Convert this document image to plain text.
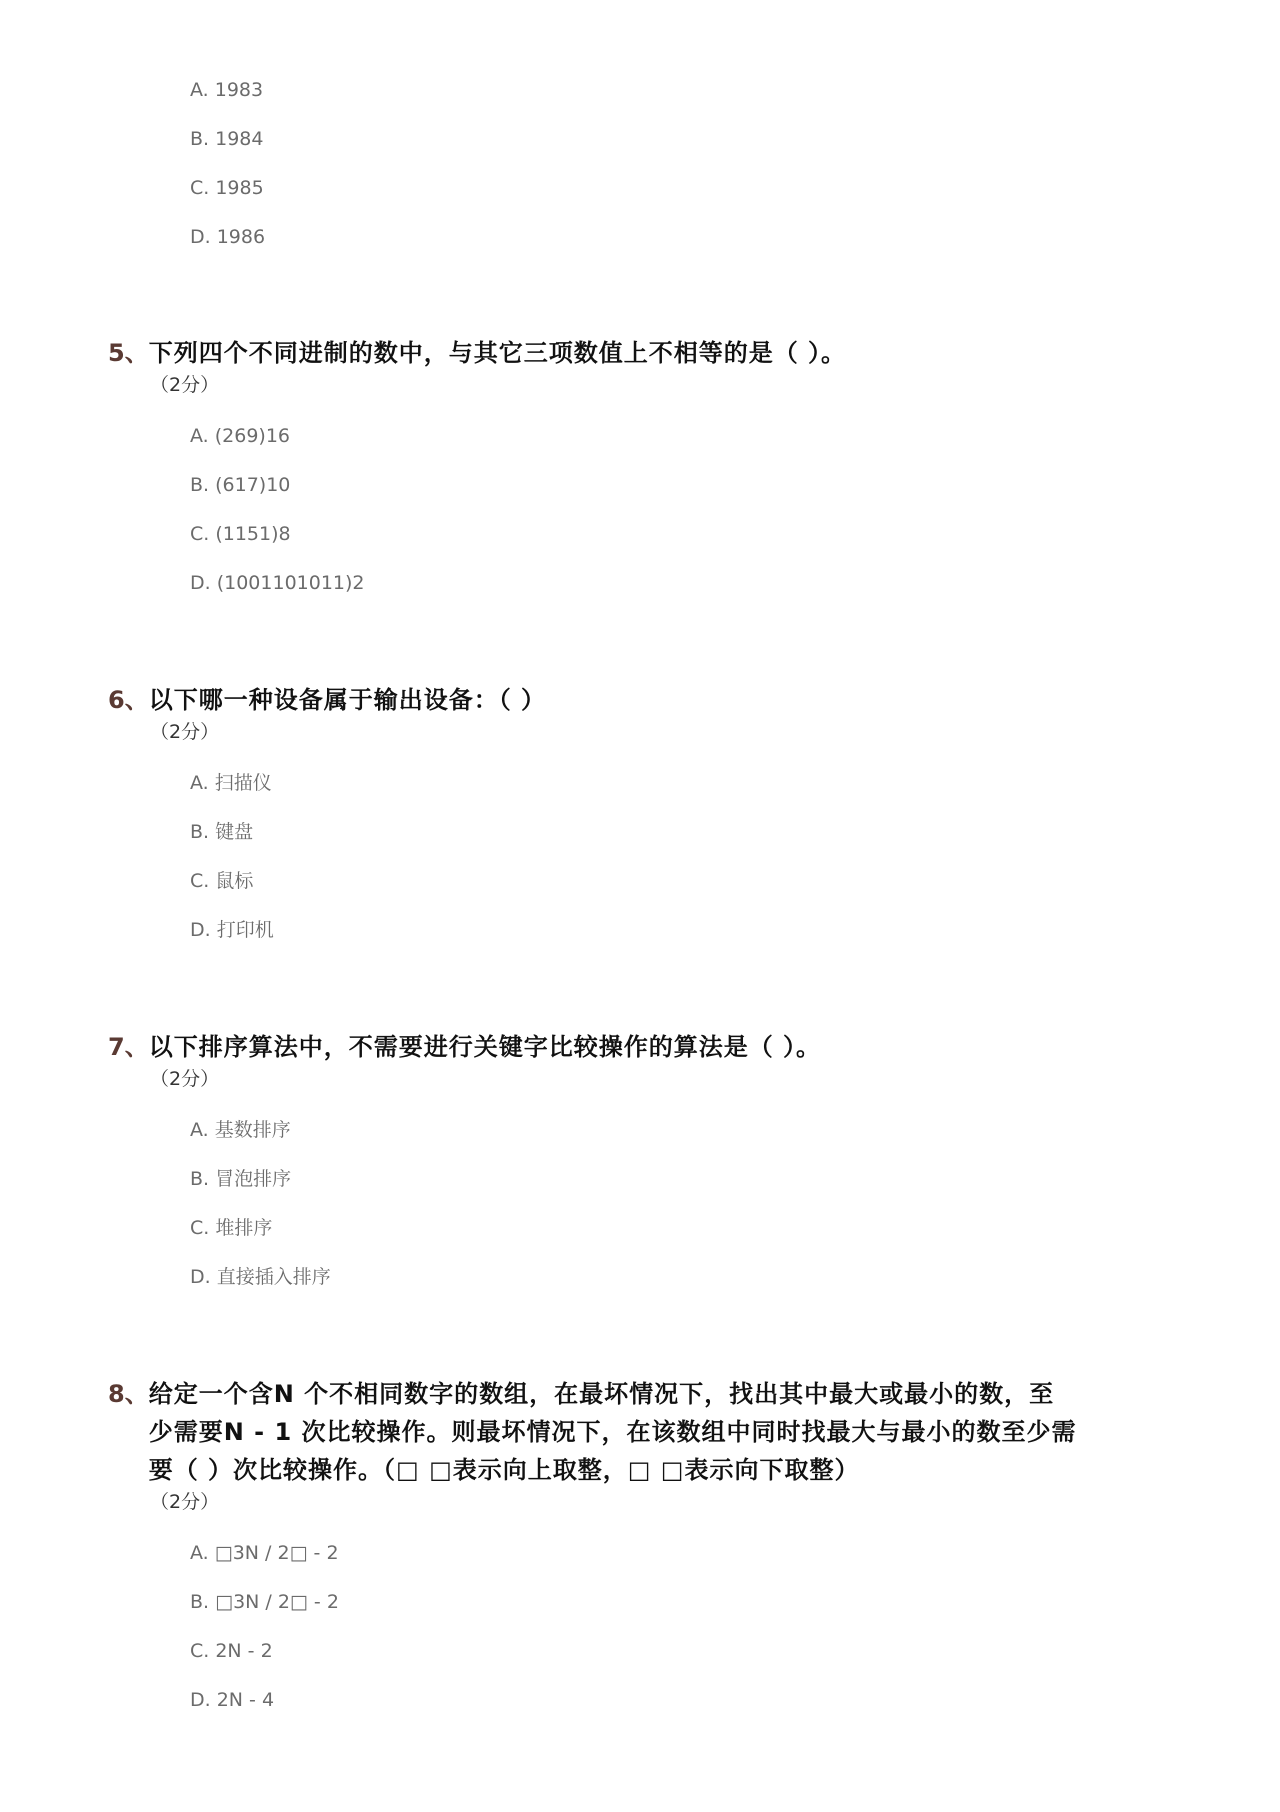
A. 1983
B. 1984
C. 1985
D. 1986
5、 下列四个不同进制的数中，与其它三项数值上不相等的是（ ）。
（2分）
A. (269)16
B. (617)10
C. (1151)8
D. (1001101011)2
6、 以下哪一种设备属于输出设备：（ ）
（2分）
A. 扫描仪
B. 键盘
C. 鼠标
D. 打印机
7、 以下排序算法中，不需要进行关键字比较操作的算法是（ ）。
（2分）
A. 基数排序
B. 冒泡排序
C. 堆排序
D. 直接插入排序
8、 给定一个含N 个不相同数字的数组，在最坏情况下，找出其中最大或最小的数，至
少需要N - 1 次比较操作。则最坏情况下，在该数组中同时找最大与最小的数至少需
要（ ）次比较操作。（□ □表示向上取整，□ □表示向下取整）
（2分）
A. □3N / 2□ - 2
B. □3N / 2□ - 2
C. 2N - 2
D. 2N - 4
